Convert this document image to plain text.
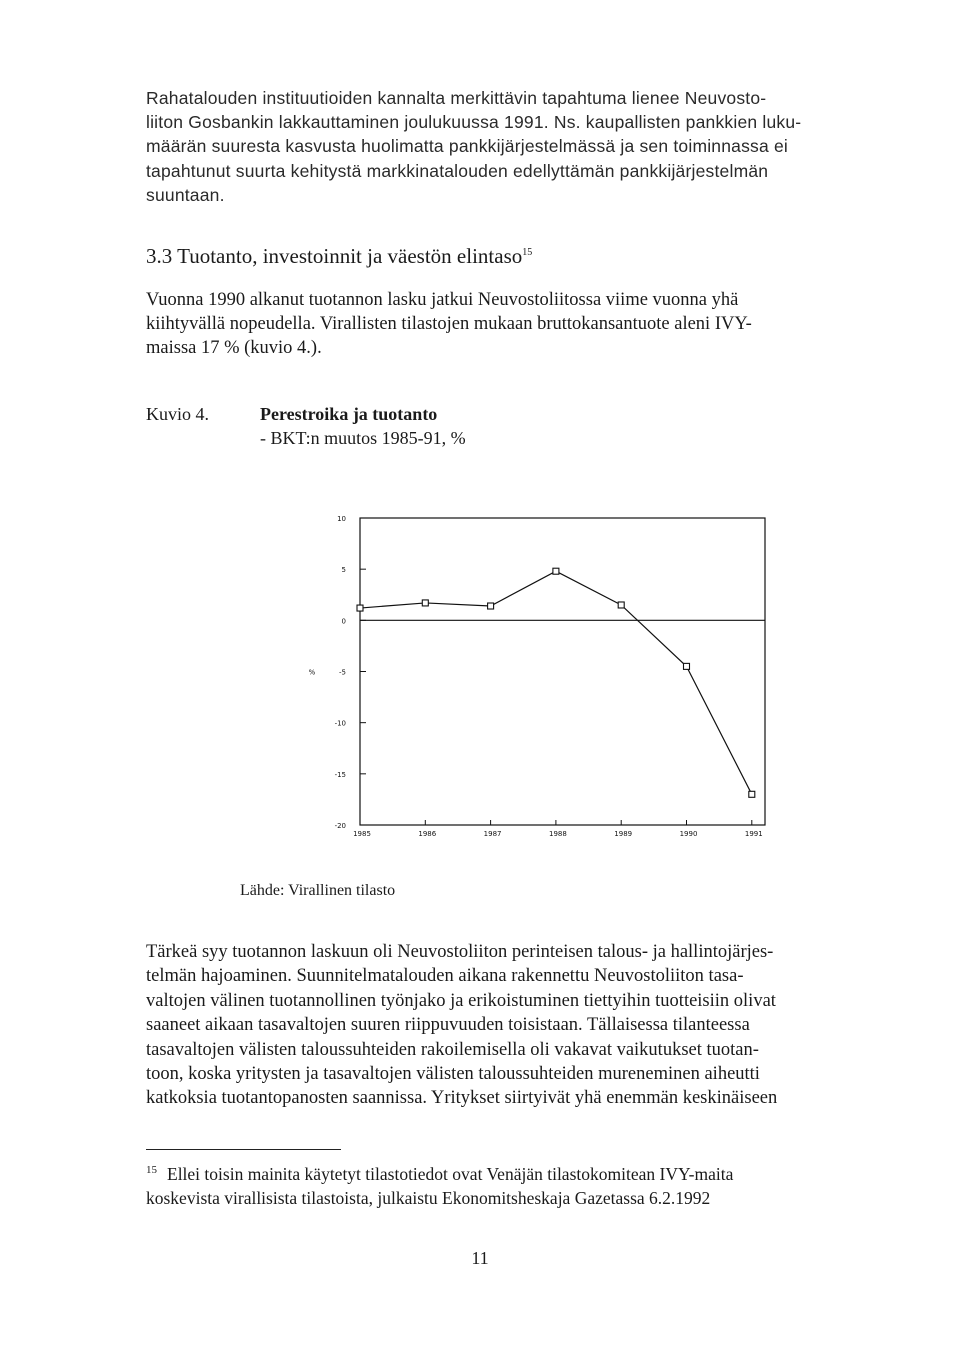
Rahatalouden instituutioiden kannalta merkittävin tapahtuma lienee Neuvosto-
liiton Gosbankin lakkauttaminen joulukuussa 1991. Ns. kaupallisten pankkien luku-
määrän suuresta kasvusta huolimatta pankkijärjestelmässä ja sen toiminnassa ei
tapahtunut suurta kehitystä markkinatalouden edellyttämän pankkijärjestelmän
suuntaan.
3.3 Tuotanto, investoinnit ja väestön elintaso$^{15}$
Vuonna 1990 alkanut tuotannon lasku jatkui Neuvostoliitossa viime vuonna yhä
kiihtyvällä nopeudella. Virallisten tilastojen mukaan bruttokansantuote aleni IVY-
maissa 17 % (kuvio 4.).
Kuvio 4.	Perestroika ja tuotanto
- BKT:n muutos 1985-91, %
10
5
0
-5
-10
-15
-20
%
1985	1986	1987	1988	1989	1990	1991
Lähde: Virallinen tilasto
Tärkeä syy tuotannon laskuun oli Neuvostoliiton perinteisen talous- ja hallintojärjes-
telmän hajoaminen. Suunnitelmatalouden aikana rakennettu Neuvostoliiton tasa-
valtojen välinen tuotannollinen työnjako ja erikoistuminen tiettyihin tuotteisiin olivat
saaneet aikaan tasavaltojen suuren riippuvuuden toisistaan. Tällaisessa tilanteessa
tasavaltojen välisten taloussuhteiden rakoilemisella oli vakavat vaikutukset tuotan-
toon, koska yritysten ja tasavaltojen välisten taloussuhteiden mureneminen aiheutti
katkoksia tuotantopanosten saannissa. Yritykset siirtyivät yhä enemmän keskinäiseen
$^{15}$ Ellei toisin mainita käytetyt tilastotiedot ovat Venäjän tilastokomitean IVY-maita
koskevista virallisista tilastoista, julkaistu Ekonomitsheskaja Gazetassa 6.2.1992
11
